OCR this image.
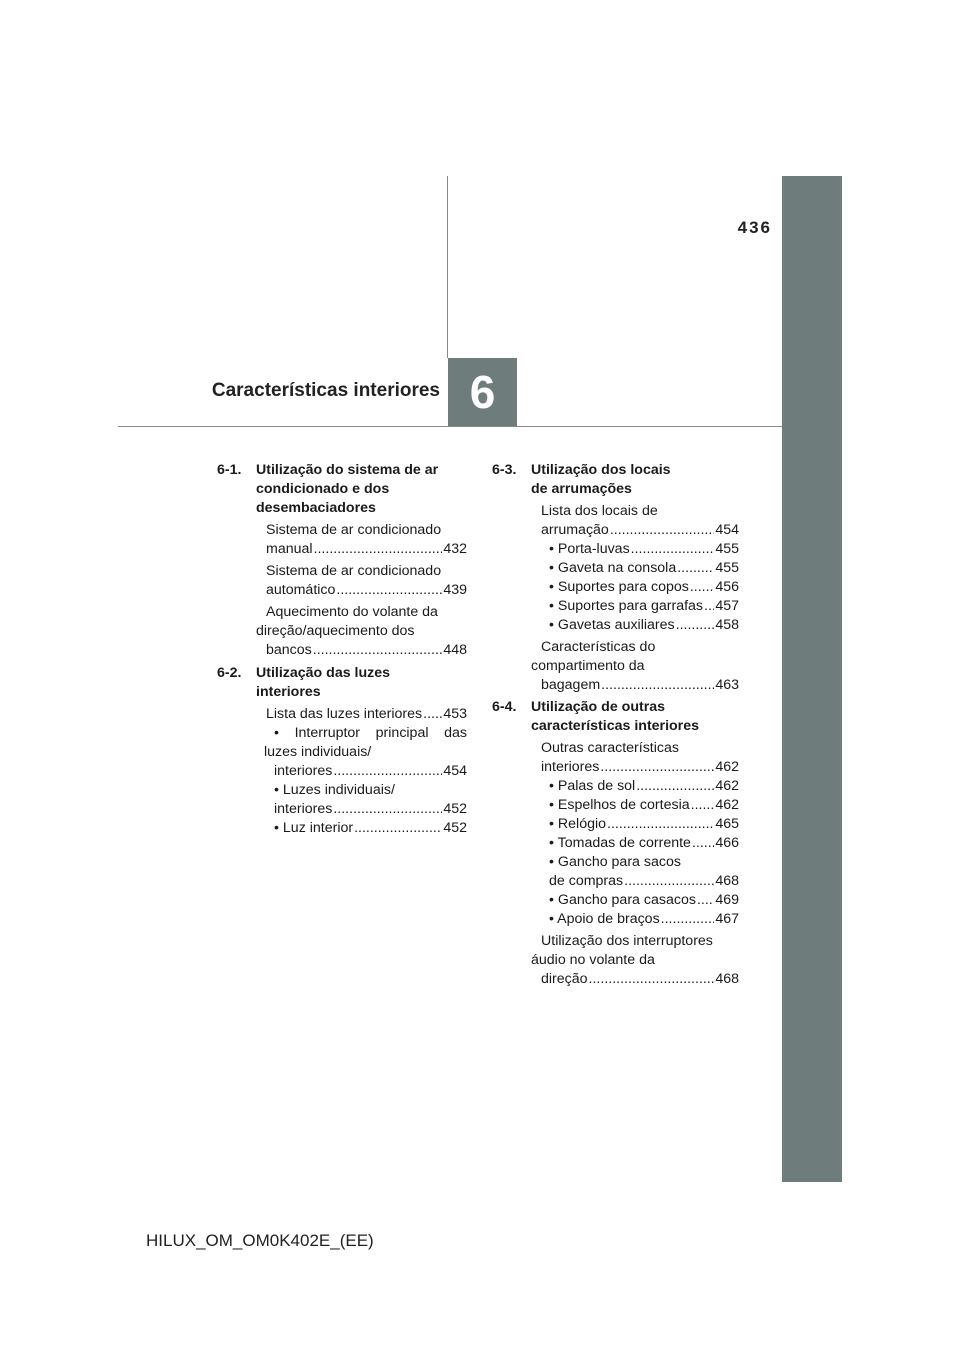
436
6
Características interiores
6-1. Utilização do sistema de ar
condicionado e dos
desembaciadores
Sistema de ar condicionado
manual .....	432
Sistema de ar condicionado
automático .....	439
Aquecimento do volante da
direção/aquecimento dos
bancos .....	448
6-2. Utilização das luzes
interiores
Lista das luzes interiores ..... 453
• Interruptor principal das
luzes individuais/
interiores .....	454
• Luzes individuais/
interiores .....	452
• Luz interior .....	452
6-3. Utilização dos locais
de arrumações
Lista dos locais de
arrumação .....	454
• Porta-luvas .....	455
• Gaveta na consola .....	455
• Suportes para copos ..... 456
• Suportes para garrafas ..... 457
• Gavetas auxiliares .....	458
Características do
compartimento da
bagagem .....	463
6-4. Utilização de outras
características interiores
Outras características
interiores .....	462
• Palas de sol .....	462
• Espelhos de cortesia ..... 462
• Relógio .....	465
• Tomadas de corrente ..... 466
• Gancho para sacos
de compras .....	468
• Gancho para casacos ..... 469
• Apoio de braços .....	467
Utilização dos interruptores
áudio no volante da
direção .....	468
HILUX_OM_OM0K402E_(EE)
